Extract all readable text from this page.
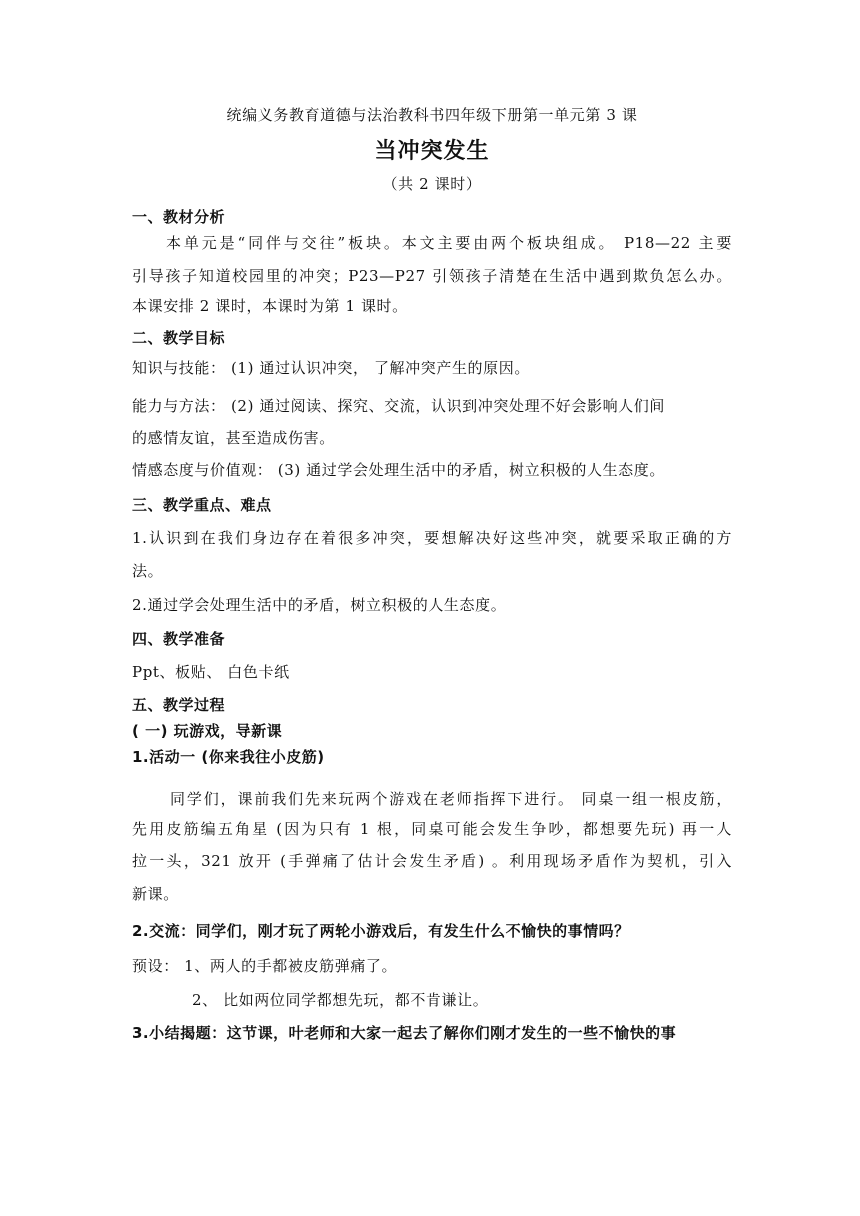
统编义务教育道德与法治教科书四年级下册第一单元第 3 课
当冲突发生
（共 2 课时）
一、教材分析
本单元是“同伴与交往”板块。本文主要由两个板块组成。 P18—22 主要
引导孩子知道校园里的冲突；P23—P27 引领孩子清楚在生活中遇到欺负怎么办。
本课安排 2 课时，本课时为第 1 课时。
二、教学目标
知识与技能： (1) 通过认识冲突， 了解冲突产生的原因。
能力与方法： (2) 通过阅读、探究、交流，认识到冲突处理不好会影响人们间
的感情友谊，甚至造成伤害。
情感态度与价值观： (3) 通过学会处理生活中的矛盾，树立积极的人生态度。
三、教学重点、难点
1.认识到在我们身边存在着很多冲突，要想解决好这些冲突，就要采取正确的方
法。
2.通过学会处理生活中的矛盾，树立积极的人生态度。
四、教学准备
Ppt、板贴、 白色卡纸
五、教学过程
( 一) 玩游戏，导新课
1.活动一 (你来我往小皮筋)
同学们，课前我们先来玩两个游戏在老师指挥下进行。 同桌一组一根皮筋，
先用皮筋编五角星 (因为只有 1 根，同桌可能会发生争吵，都想要先玩) 再一人
拉一头，321 放开 (手弹痛了估计会发生矛盾) 。利用现场矛盾作为契机，引入
新课。
2.交流：同学们，刚才玩了两轮小游戏后，有发生什么不愉快的事情吗？
预设： 1、两人的手都被皮筋弹痛了。
2、 比如两位同学都想先玩，都不肯谦让。
3.小结揭题：这节课，叶老师和大家一起去了解你们刚才发生的一些不愉快的事
